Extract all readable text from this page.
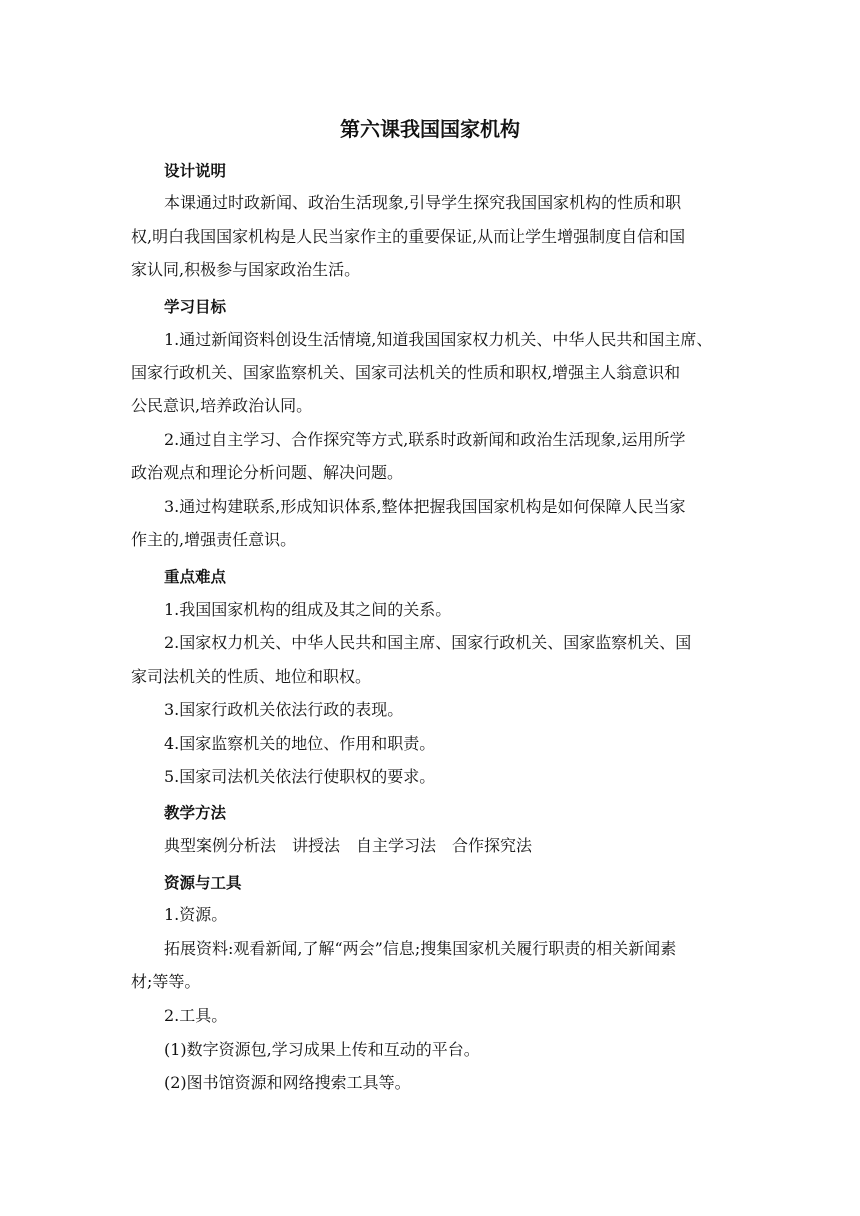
第六课我国国家机构

设计说明

本课通过时政新闻、政治生活现象,引导学生探究我国国家机构的性质和职

权,明白我国国家机构是人民当家作主的重要保证,从而让学生增强制度自信和国

家认同,积极参与国家政治生活。

学习目标

1.通过新闻资料创设生活情境,知道我国国家权力机关、中华人民共和国主席、

国家行政机关、国家监察机关、国家司法机关的性质和职权,增强主人翁意识和

公民意识,培养政治认同。

2.通过自主学习、合作探究等方式,联系时政新闻和政治生活现象,运用所学

政治观点和理论分析问题、解决问题。

3.通过构建联系,形成知识体系,整体把握我国国家机构是如何保障人民当家

作主的,增强责任意识。

重点难点

1.我国国家机构的组成及其之间的关系。

2.国家权力机关、中华人民共和国主席、国家行政机关、国家监察机关、国

家司法机关的性质、地位和职权。

3.国家行政机关依法行政的表现。

4.国家监察机关的地位、作用和职责。

5.国家司法机关依法行使职权的要求。

教学方法

典型案例分析法 讲授法 自主学习法 合作探究法

资源与工具

1.资源。

拓展资料:观看新闻,了解“两会”信息;搜集国家机关履行职责的相关新闻素

材;等等。

2.工具。

(1)数字资源包,学习成果上传和互动的平台。

(2)图书馆资源和网络搜索工具等。
